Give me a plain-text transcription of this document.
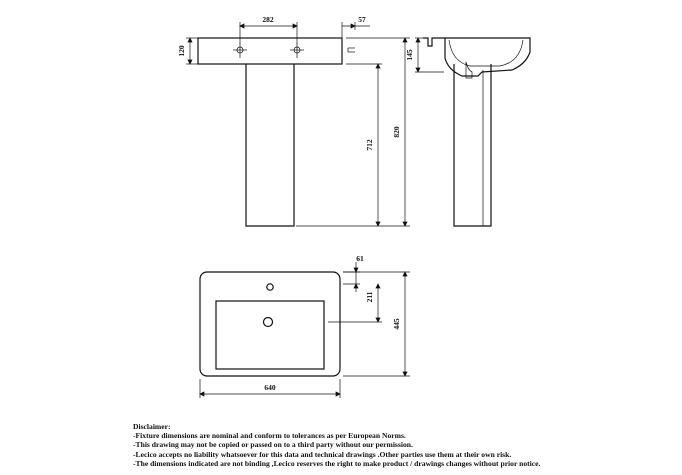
282	57
120
712
820
145
61
211
445
640
Disclaimer:
-Fixture dimensions are nominal and conform to tolerances as per European Norms.
-This drawing may not be copied or passed on to a third party without our permission.
-Lecico accepts no liability whatsoever for this data and technical drawings .Other parties use them at their own risk.
-The dimensions indicated are not binding ,Lecico reserves the right to make product / drawings changes without prior notice.
